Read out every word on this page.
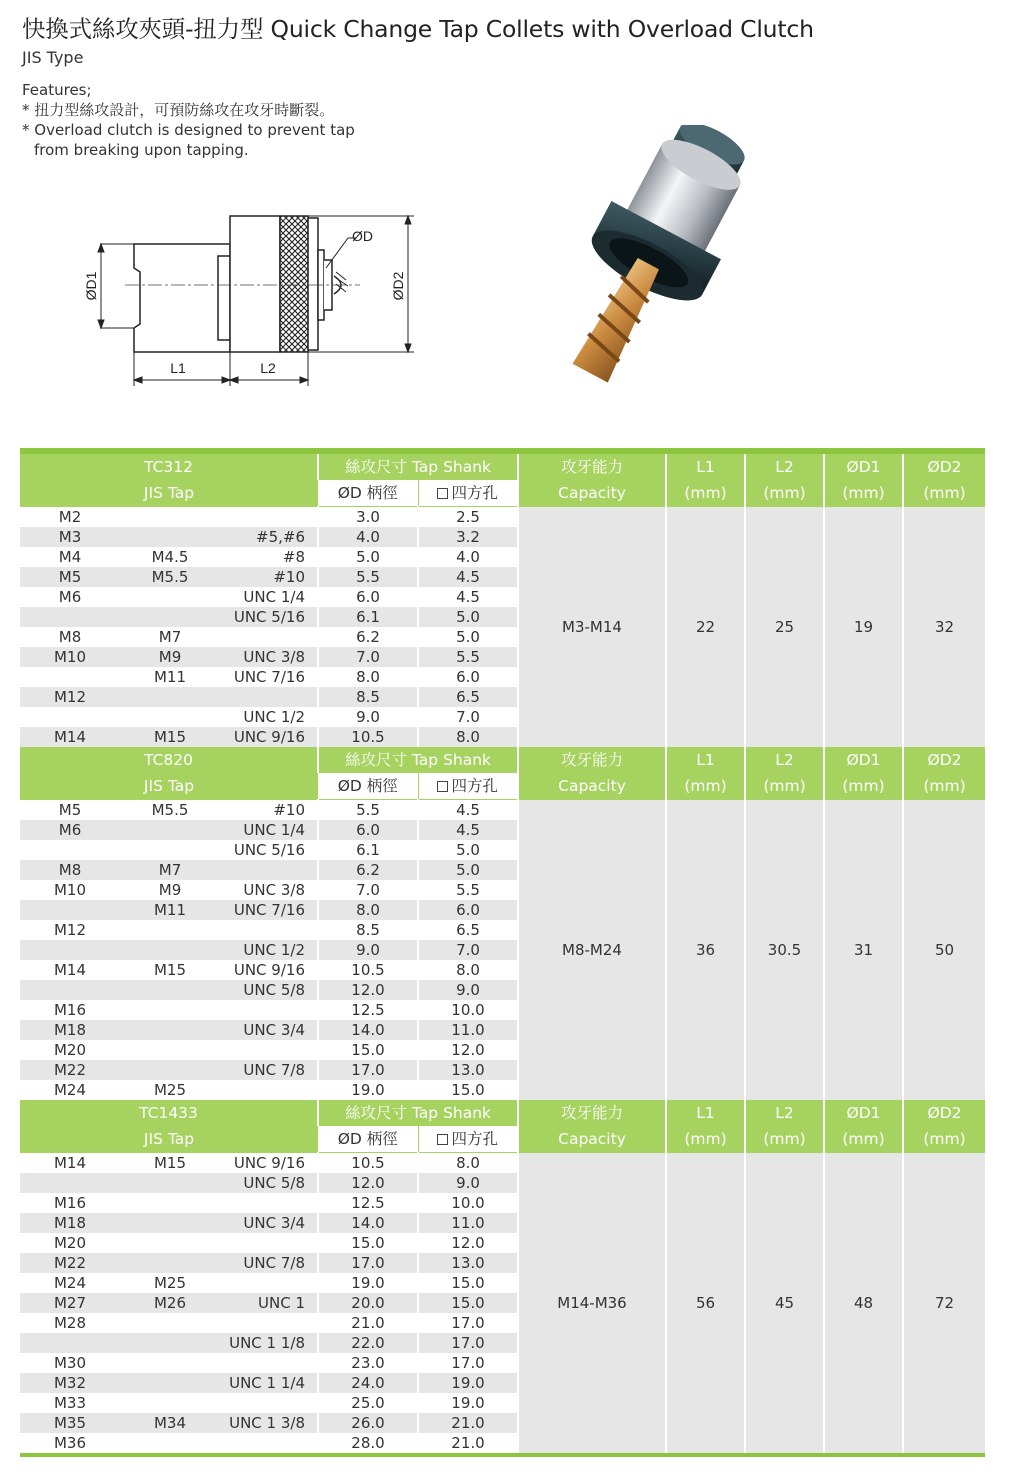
快換式絲攻夾頭-扭力型 Quick Change Tap Collets with Overload Clutch
JIS Type
Features;
* 扭力型絲攻設計，可預防絲攻在攻牙時斷裂。
* Overload clutch is designed to prevent tap
from breaking upon tapping.
ØD1	ØD2
ØD
L1	L2

TC312			絲攻尺寸 Tap Shank		攻牙能力	L1	L2	ØD1	ØD2
JIS Tap			ØD 柄徑	四方孔	Capacity	(mm)	(mm)	(mm)	(mm)
M2			3.0	2.5	M3-M14	22	25	19	32
M3		#5,#6	4.0	3.2					
M4	M4.5	#8	5.0	4.0					
M5	M5.5	#10	5.5	4.5					
M6		UNC 1/4	6.0	4.5					
		UNC 5/16	6.1	5.0					
M8	M7		6.2	5.0					
M10	M9	UNC 3/8	7.0	5.5					
	M11	UNC 7/16	8.0	6.0					
M12			8.5	6.5					
		UNC 1/2	9.0	7.0					
M14	M15	UNC 9/16	10.5	8.0					
TC820			絲攻尺寸 Tap Shank		攻牙能力	L1	L2	ØD1	ØD2
JIS Tap			ØD 柄徑	四方孔	Capacity	(mm)	(mm)	(mm)	(mm)
M5	M5.5	#10	5.5	4.5	M8-M24	36	30.5	31	50
M6		UNC 1/4	6.0	4.5					
		UNC 5/16	6.1	5.0					
M8	M7		6.2	5.0					
M10	M9	UNC 3/8	7.0	5.5					
	M11	UNC 7/16	8.0	6.0					
M12			8.5	6.5					
		UNC 1/2	9.0	7.0					
M14	M15	UNC 9/16	10.5	8.0					
		UNC 5/8	12.0	9.0					
M16			12.5	10.0					
M18		UNC 3/4	14.0	11.0					
M20			15.0	12.0					
M22		UNC 7/8	17.0	13.0					
M24	M25		19.0	15.0					
TC1433			絲攻尺寸 Tap Shank		攻牙能力	L1	L2	ØD1	ØD2
JIS Tap			ØD 柄徑	四方孔	Capacity	(mm)	(mm)	(mm)	(mm)
M14	M15	UNC 9/16	10.5	8.0	M14-M36	56	45	48	72
		UNC 5/8	12.0	9.0					
M16			12.5	10.0					
M18		UNC 3/4	14.0	11.0					
M20			15.0	12.0					
M22		UNC 7/8	17.0	13.0					
M24	M25		19.0	15.0					
M27	M26	UNC 1	20.0	15.0					
M28			21.0	17.0					
		UNC 1 1/8	22.0	17.0					
M30			23.0	17.0					
M32		UNC 1 1/4	24.0	19.0					
M33			25.0	19.0					
M35	M34	UNC 1 3/8	26.0	21.0					
M36			28.0	21.0					
